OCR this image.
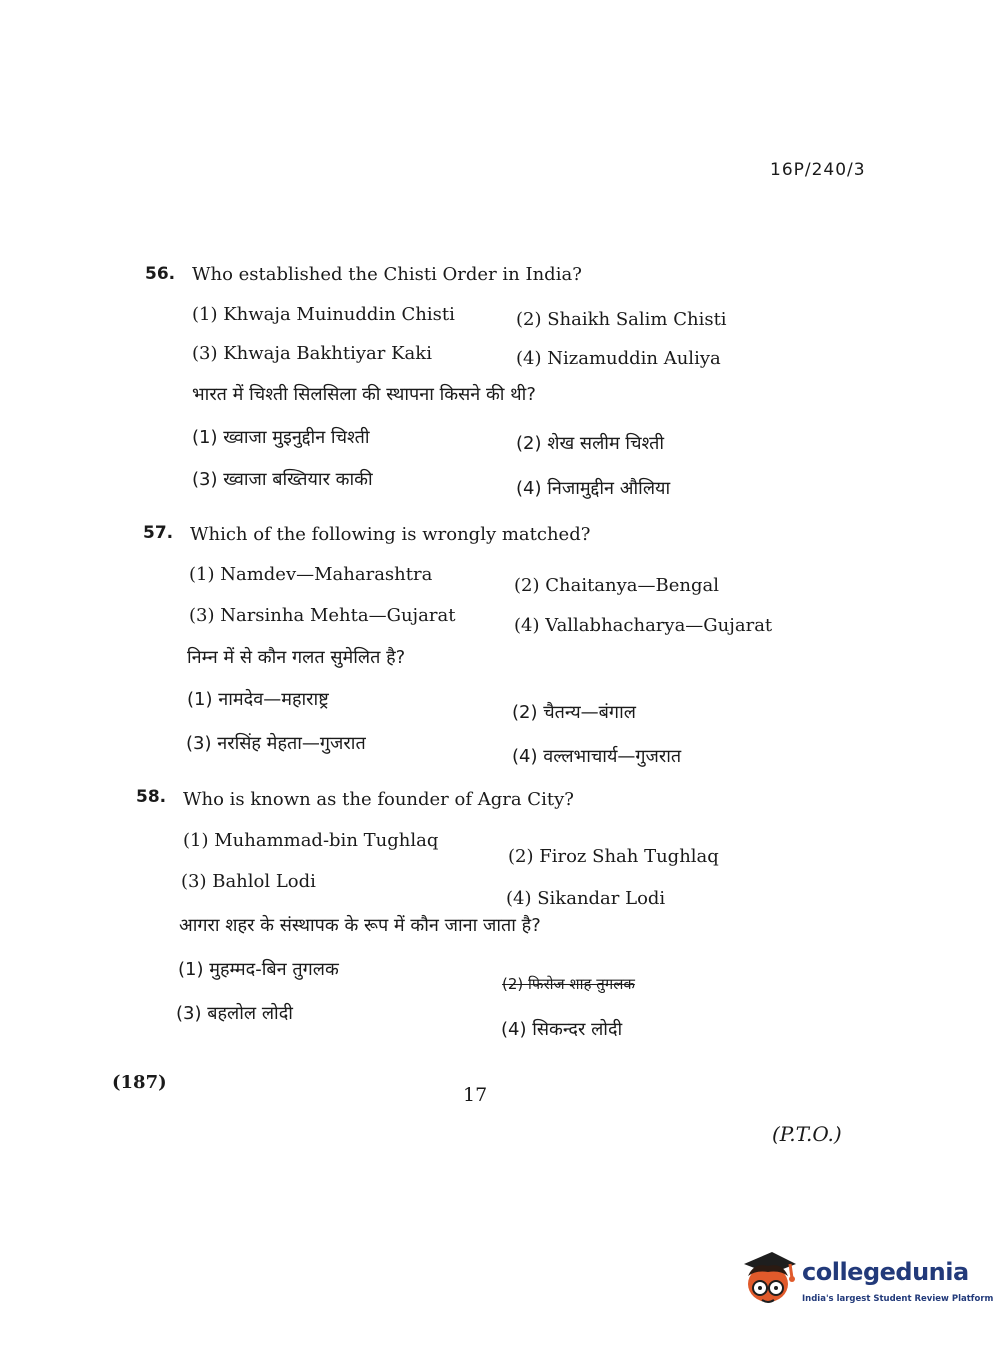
16P/240/3
56. Who established the Chisti Order in India?
(1) Khwaja Muinuddin Chisti	(2) Shaikh Salim Chisti
(3) Khwaja Bakhtiyar Kaki	(4) Nizamuddin Auliya
भारत में चिश्ती सिलसिला की स्थापना किसने की थी?
(1) ख्वाजा मुइनुद्दीन चिश्ती	(2) शेख सलीम चिश्ती
(3) ख्वाजा बख्तियार काकी	(4) निजामुद्दीन औलिया
57. Which of the following is wrongly matched?
(1) Namdev—Maharashtra
(2) Chaitanya—Bengal
(3) Narsinha Mehta—Gujarat	(4) Vallabhacharya—Gujarat
निम्न में से कौन गलत सुमेलित है?
(1) नामदेव—महाराष्ट्र
(2) चैतन्य—बंगाल
(3) नरसिंह मेहता—गुजरात
(4) वल्लभाचार्य—गुजरात
58. Who is known as the founder of Agra City?
(1) Muhammad-bin Tughlaq
(2) Firoz Shah Tughlaq
(3) Bahlol Lodi
(4) Sikandar Lodi
आगरा शहर के संस्थापक के रूप में कौन जाना जाता है?
(1) मुहम्मद-बिन तुगलक
(2) फिरोज शाह तुगलक
(3) बहलोल लोदी
(4) सिकन्दर लोदी
(187)
17
(P.T.O.)
collegedunia
India's largest Student Review Platform
